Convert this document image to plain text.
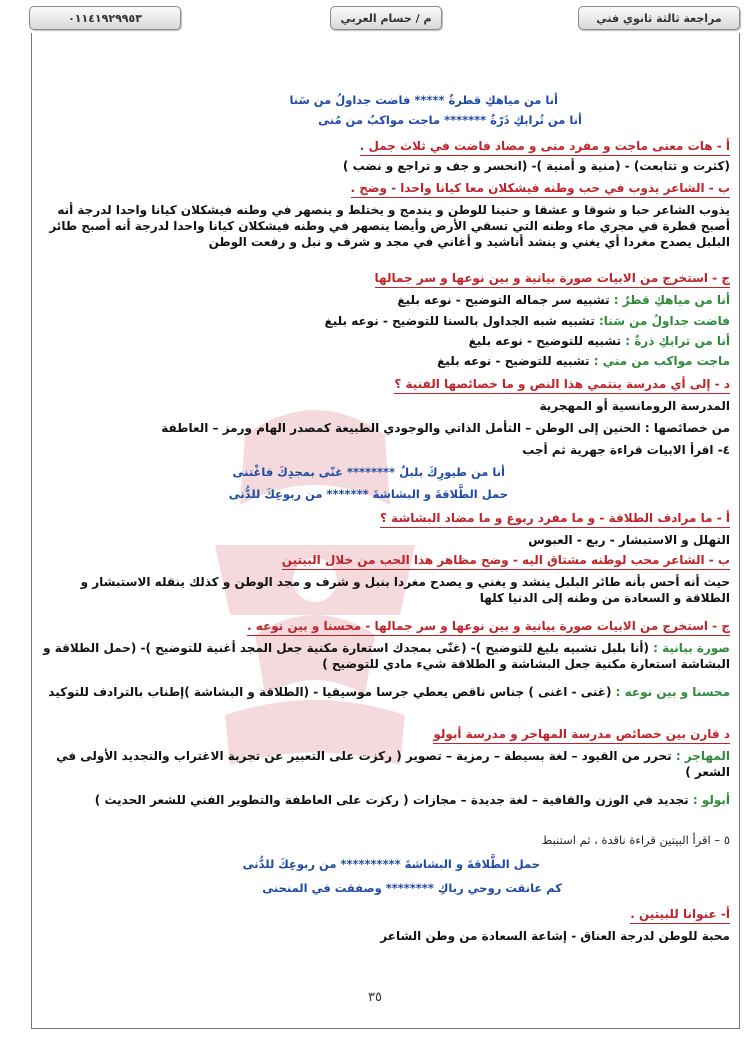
مراجعة ثالثة ثانوي فني
م / حسام العربي
٠١١٤١٩٢٩٩٥٣
أنا من مياهكِ قطرةٌ ***** فاضت جداولُ من سَنا
أنا من تُرابكِ ذَرّةٌ ******* ماجت مواكبُ من مُنى
أ - هات معنى ماجت و مفرد منى و مضاد فاضت في ثلاث جمل .
(كثرت و تتابعت) - (منية و أمنية )- (انحسر و جف و تراجع و نضب )
ب - الشاعر يذوب في حب وطنه فيشكلان معا كيانا واحدا - وضح .
يذوب الشاعر حبا و شوقا و عشقا و حنينا للوطن و يندمج و يختلط و ينصهر في وطنه فيشكلان كيانا واحدا لدرجة أنه أصبح قطرة في مجري ماء وطنه التي تسقي الأرض وأيضا ينصهر في وطنه فيشكلان كيانا واحدا لدرجة أنه أصبح طائر البلبل يصدح مغردا أي يغني و ينشد أناشيد و أغاني في مجد و شرف و نبل و رفعت الوطن
ج - استخرج من الابيات صورة بيانية و بين نوعها و سر جمالها
أنا من مياهكِ قطرٌ : تشبيه سر جماله التوضيح - نوعه بليغ
فاضت جداولُ من سَنا: تشبيه شبه الجداول بالسنا للتوضيح - نوعه بليغ
أنا من ترابكِ ذرةٌ : تشبيه للتوضيح - نوعه بليغ
ماجت مواكب من مني : تشبيه للتوضيح - نوعه بليغ
د - إلى أي مدرسة ينتمي هذا النص و ما خصائصها الفنية ؟
المدرسة الرومانسية أو المهجرية
من خصائصها : الحنين إلى الوطن – التأمل الذاتي والوجودي الطبيعة كمصدر الهام ورمز – العاطفة
٤- اقرأ الابيات قراءة جهرية ثم أجب
أنا من طيورِكَ بلبلٌ ******** غنّى بمجدِكَ فاغْتنى
حمل الطَّلاقةَ و البشاشةَ ******* من ربوعِكَ للدُّنى
أ - ما مرادف الطلاقة - و ما مفرد ربوع و ما مضاد البشاشة ؟
التهلل و الاستبشار - ربع - العبوس
ب - الشاعر محب لوطنه مشتاق اليه - وضح مظاهر هذا الحب من خلال البيتين
حيث أنه أحس بأنه طائر البلبل ينشد و يغني و يصدح مغردا بنبل و شرف و مجد الوطن و كذلك ينقله الاستبشار و الطلاقة و السعادة من وطنه إلى الدنيا كلها
ج - استخرج من الابيات صورة بيانية و بين نوعها و سر جمالها - محسنا و بين نوعه .
صورة بيانية : (أنا بلبل تشبيه بليغ للتوضيح )- (غنّى بمجدك استعارة مكنية جعل المجد أغنية للتوضيح )- (حمل الطلاقة و البشاشة استعارة مكنية جعل البشاشة و الطلاقة شيء مادي للتوضيح )
محسنا و بين نوعه : (غنى - اغنى ) جناس ناقص يعطي جرسا موسيقيا - (الطلاقة و البشاشة )إطناب بالترادف للتوكيد
د قارن بين خصائص مدرسة المهاجر و مدرسة أبولو
المهاجر : تحرر من القيود – لغة بسيطة – رمزية – تصوير ( ركزت على التعبير عن تجربة الاغتراب والتجديد الأولى في الشعر )
أبولو : تجديد في الوزن والقافية – لغة جديدة – مجازات ( ركزت على العاطفة والتطوير الفني للشعر الحديث )
٥ – اقرأ البيتين قراءة ناقدة ، ثم استنبط
حمل الطَّلاقةَ و البشاشةَ ********** من ربوعِكَ للدُّنى
كم عانقت روحي رباكِ ******** وصفقت في المنحنى
أ- عنوانا للبيتين .
محبة للوطن لدرجة العناق - إشاعة السعادة من وطن الشاعر
٣٥
